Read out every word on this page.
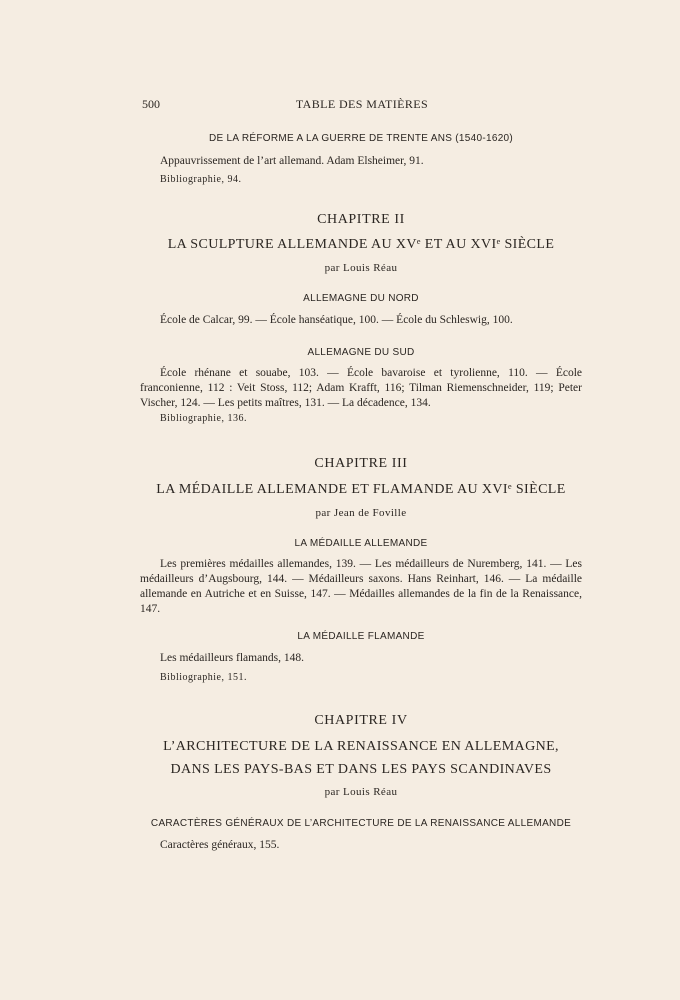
500	TABLE DES MATIÈRES
DE LA RÉFORME A LA GUERRE DE TRENTE ANS (1540-1620)
Appauvrissement de l’art allemand. Adam Elsheimer, 91.
Bibliographie, 94.
CHAPITRE II
LA SCULPTURE ALLEMANDE AU XVᵉ ET AU XVIᵉ SIÈCLE
par Louis Réau
ALLEMAGNE DU NORD
École de Calcar, 99. — École hanséatique, 100. — École du Schleswig, 100.
ALLEMAGNE DU SUD
École rhénane et souabe, 103. — École bavaroise et tyrolienne, 110. — École franconienne, 112 : Veit Stoss, 112; Adam Krafft, 116; Tilman Riemenschneider, 119; Peter Vischer, 124. — Les petits maîtres, 131. — La décadence, 134.
Bibliographie, 136.
CHAPITRE III
LA MÉDAILLE ALLEMANDE ET FLAMANDE AU XVIᵉ SIÈCLE
par Jean de Foville
LA MÉDAILLE ALLEMANDE
Les premières médailles allemandes, 139. — Les médailleurs de Nuremberg, 141. — Les médailleurs d’Augsbourg, 144. — Médailleurs saxons. Hans Reinhart, 146. — La médaille allemande en Autriche et en Suisse, 147. — Médailles allemandes de la fin de la Renaissance, 147.
LA MÉDAILLE FLAMANDE
Les médailleurs flamands, 148.
Bibliographie, 151.
CHAPITRE IV
L’ARCHITECTURE DE LA RENAISSANCE EN ALLEMAGNE,
DANS LES PAYS-BAS ET DANS LES PAYS SCANDINAVES
par Louis Réau
CARACTÈRES GÉNÉRAUX DE L’ARCHITECTURE DE LA RENAISSANCE ALLEMANDE
Caractères généraux, 155.
